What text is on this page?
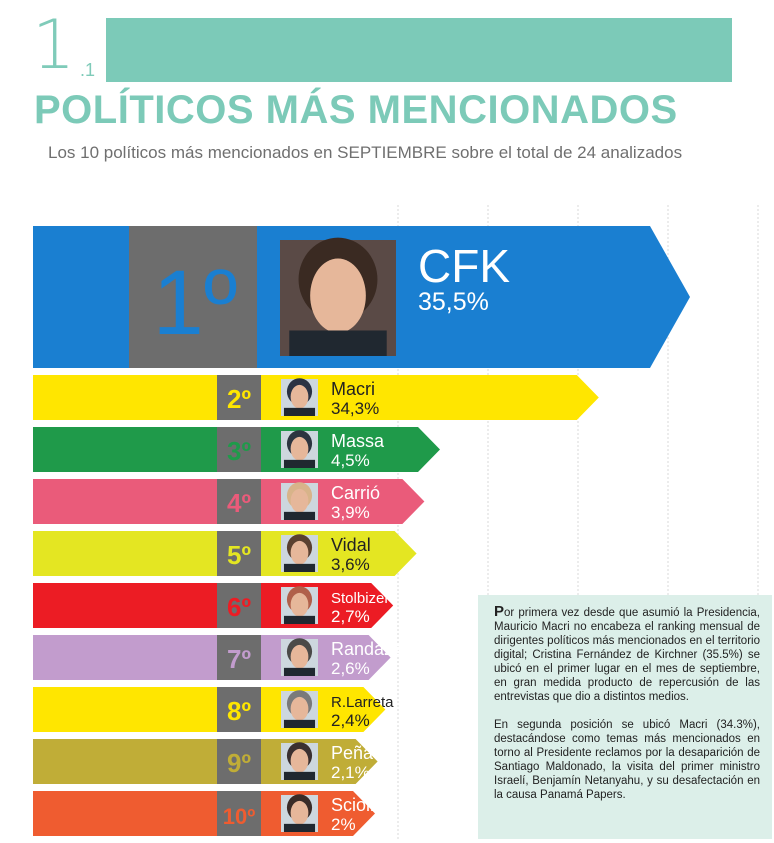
1 .1
POLÍTICOS MÁS MENCIONADOS
Los 10 políticos más mencionados en SEPTIEMBRE sobre el total de 24 analizados
1º	CFK
35,5%
2º	Macri
34,3%
3º	Massa
4,5%
4º	Carrió
3,9%
5º	Vidal
3,6%
6º	Stolbizer
2,7%
7º	Randazzo
2,6%
8º	R.Larreta
2,4%
9º	Peña
2,1%
10º	Scioli
2%

Por primera vez desde que asumió la Presidencia, Mauricio Macri no encabeza el ranking mensual de dirigentes políticos más mencionados en el territorio digital; Cristina Fernández de Kirchner (35.5%) se ubicó en el primer lugar en el mes de septiembre, en gran medida producto de repercusión de las entrevistas que dio a distintos medios.

En segunda posición se ubicó Macri (34.3%), destacándose como temas más mencionados en torno al Presidente reclamos por la desaparición de Santiago Maldonado, la visita del primer ministro Israelí, Benjamín Netanyahu, y su desafectación en la causa Panamá Papers.
